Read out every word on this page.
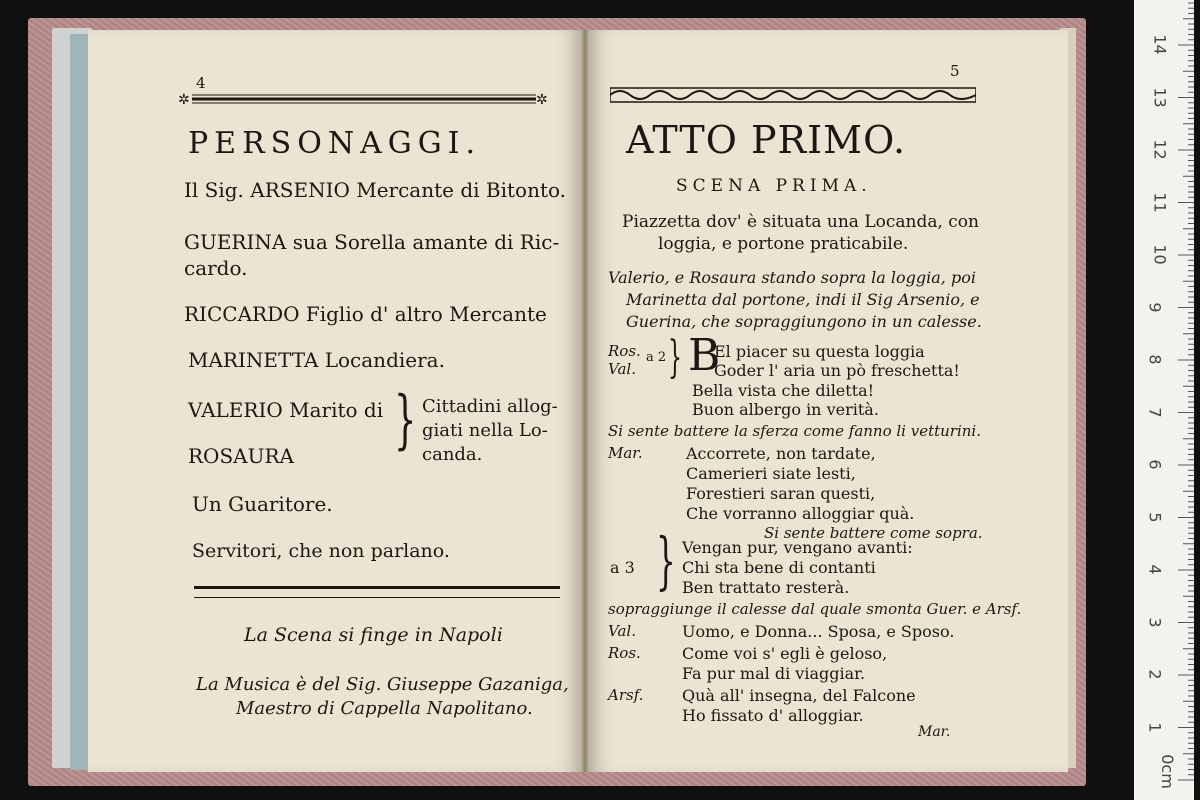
4
✲	✲
PERSONAGGI.
Il Sig. ARSENIO Mercante di Bitonto.
GUERINA sua Sorella amante di Ric-
cardo.
RICCARDO Figlio d' altro Mercante
MARINETTA Locandiera.
VALERIO Marito di
ROSAURA } Cittadini allog-
giati nella Lo-
canda.
Un Guaritore.
Servitori, che non parlano.
La Scena si finge in Napoli
La Musica è del Sig. Giuseppe Gazaniga,
Maestro di Cappella Napolitano.
5
ATTO PRIMO.
SCENA PRIMA.
Piazzetta dov' è situata una Locanda, con
loggia, e portone praticabile.
Valerio, e Rosaura stando sopra la loggia, poi
Marinetta dal portone, indi il Sig Arsenio, e
Guerina, che sopraggiungono in un calesse.
Ros.
Val.
a 2 } B
El piacer su questa loggia
Goder l' aria un pò freschetta!
Bella vista che diletta!
Buon albergo in verità.
Si sente battere la sferza come fanno li vetturini.
Mar.	Accorrete, non tardate,
Camerieri siate lesti,
Forestieri saran questi,
Che vorranno alloggiar quà.
Si sente battere come sopra.
a 3 } Vengan pur, vengano avanti:
Chi sta bene di contanti
Ben trattato resterà.
sopraggiunge il calesse dal quale smonta Guer. e Arsf.
Val.	Uomo, e Donna... Sposa, e Sposo.
Ros.	Come voi s' egli è geloso,
Fa pur mal di viaggiar.
Arsf. Quà all' insegna, del Falcone
Ho fissato d' alloggiar.
Mar.	1
2
3
4
5
6
7
8
9
10
11
12
13
14
0cm
